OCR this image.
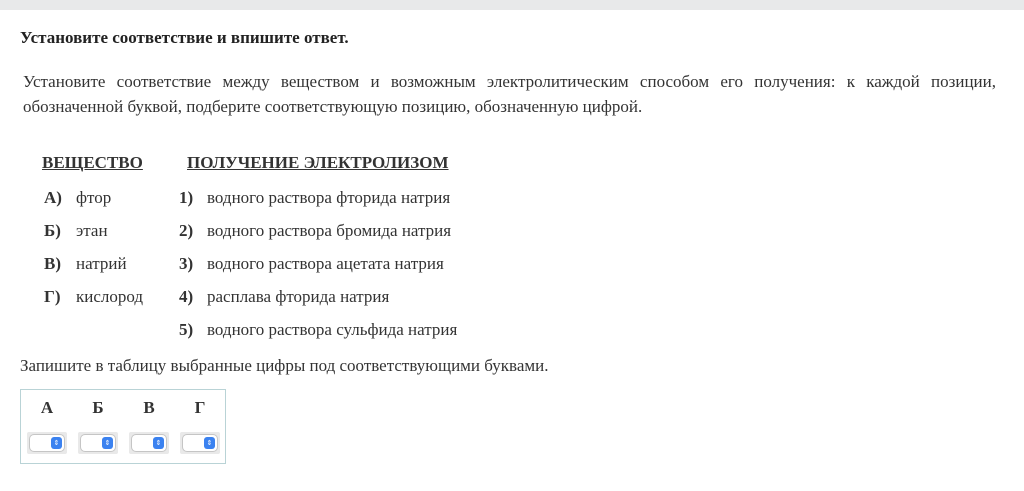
Установите соответствие и впишите ответ.
Установите соответствие между веществом и возможным электролитическим способом его получения: к каждой позиции, обозначенной буквой, подберите соответствующую позицию, обозначенную цифрой.
ВЕЩЕСТВО	ПОЛУЧЕНИЕ ЭЛЕКТРОЛИЗОМ
А) фтор
Б) этан
В) натрий
Г) кислород
1) водного раствора фторида натрия
2) водного раствора бромида натрия
3) водного раствора ацетата натрия
4) расплава фторида натрия
5) водного раствора сульфида натрия
Запишите в таблицу выбранные цифры под соответствующими буквами.
А	Б	В	Г
⇕	⇕	⇕	⇕
